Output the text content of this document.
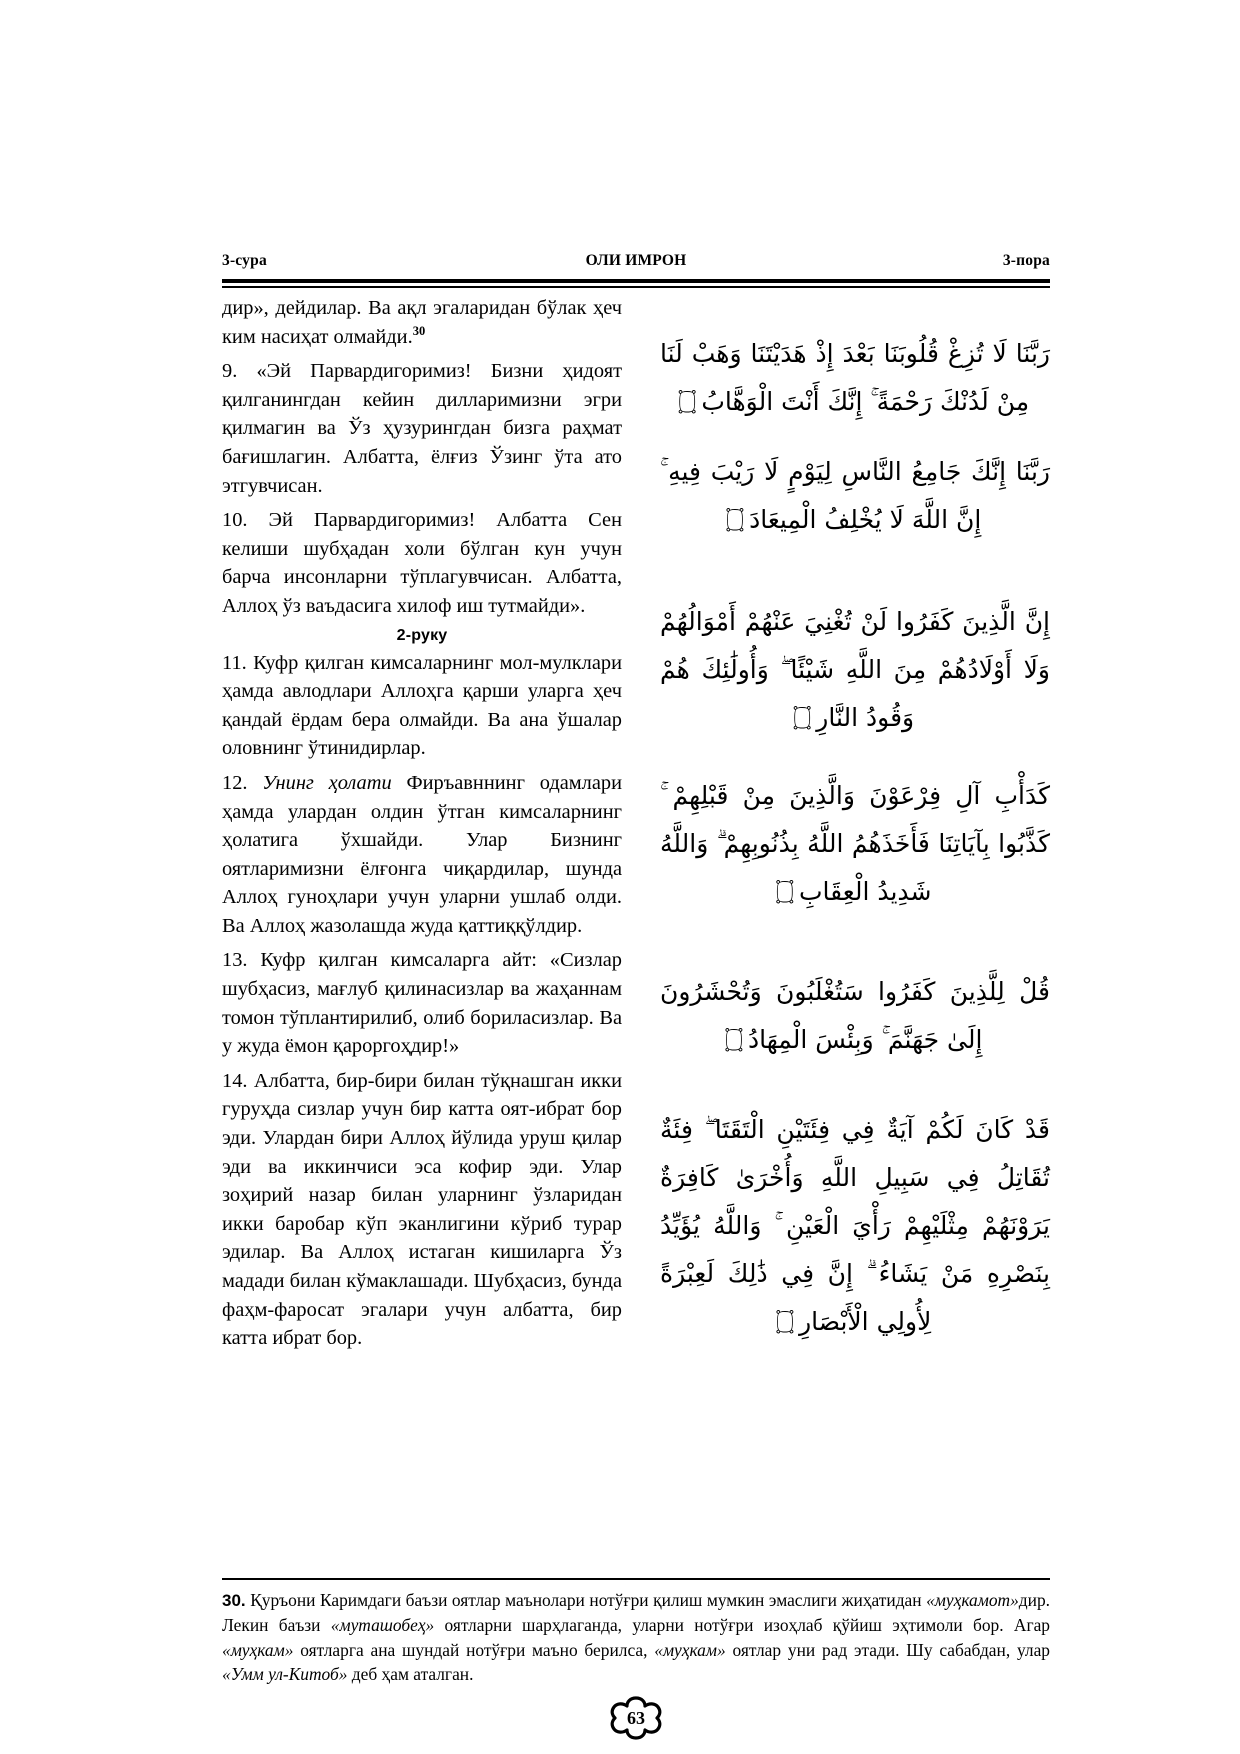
3-сура	ОЛИ ИМРОН	3-пора

дир», дейдилар. Ва ақл эгаларидан бўлак ҳеч ким насиҳат олмайди.$^{30}$

9. «Эй Парвардигоримиз! Бизни ҳидоят қилганингдан кейин дилларимизни эгри қилмагин ва Ўз ҳузурингдан бизга раҳмат бағишлагин. Албатта, ёлғиз Ўзинг ўта ато этгувчисан.

10. Эй Парвардигоримиз! Албатта Сен келиши шубҳадан холи бўлган кун учун барча инсонларни тўплагувчисан. Албатта, Аллоҳ ўз ваъдасига хилоф иш тутмайди».

2-руку

11. Куфр қилган кимсаларнинг мол-мулклари ҳамда авлодлари Аллоҳга қарши уларга ҳеч қандай ёрдам бера олмайди. Ва ана ўшалар оловнинг ўтинидирлар.

12. Унинг ҳолати Фиръавннинг одамлари ҳамда улардан олдин ўтган кимсаларнинг ҳолатига ўхшайди. Улар Бизнинг оятларимизни ёлғонга чиқардилар, шунда Аллоҳ гуноҳлари учун уларни ушлаб олди. Ва Аллоҳ жазолашда жуда қаттиққўлдир.

13. Куфр қилган кимсаларга айт: «Сизлар шубҳасиз, мағлуб қилинасизлар ва жаҳаннам томон тўплантирилиб, олиб бориласизлар. Ва у жуда ёмон қароргоҳдир!»

14. Албатта, бир-бири билан тўқнашган икки гуруҳда сизлар учун бир катта оят-ибрат бор эди. Улардан бири Аллоҳ йўлида уруш қилар эди ва иккинчиси эса кофир эди. Улар зоҳирий назар билан уларнинг ўзларидан икки баробар кўп эканлигини кўриб турар эдилар. Ва Аллоҳ истаган кишиларга Ўз мадади билан кўмаклашади. Шубҳасиз, бунда фаҳм-фаросат эгалари учун албатта, бир катта ибрат бор.

رَبَّنَا لَا تُزِغْ قُلُوبَنَا بَعْدَ إِذْ هَدَيْتَنَا وَهَبْ لَنَا مِنْ لَدُنْكَ رَحْمَةً ۚ إِنَّكَ أَنْتَ الْوَهَّابُ ۝
رَبَّنَا إِنَّكَ جَامِعُ النَّاسِ لِيَوْمٍ لَا رَيْبَ فِيهِ ۚ إِنَّ اللَّهَ لَا يُخْلِفُ الْمِيعَادَ ۝
إِنَّ الَّذِينَ كَفَرُوا لَنْ تُغْنِيَ عَنْهُمْ أَمْوَالُهُمْ وَلَا أَوْلَادُهُمْ مِنَ اللَّهِ شَيْئًا ۖ وَأُولَٰئِكَ هُمْ وَقُودُ النَّارِ ۝
كَدَأْبِ آلِ فِرْعَوْنَ وَالَّذِينَ مِنْ قَبْلِهِمْ ۚ كَذَّبُوا بِآيَاتِنَا فَأَخَذَهُمُ اللَّهُ بِذُنُوبِهِمْ ۗ وَاللَّهُ شَدِيدُ الْعِقَابِ ۝
قُلْ لِلَّذِينَ كَفَرُوا سَتُغْلَبُونَ وَتُحْشَرُونَ إِلَىٰ جَهَنَّمَ ۚ وَبِئْسَ الْمِهَادُ ۝
قَدْ كَانَ لَكُمْ آيَةٌ فِي فِئَتَيْنِ الْتَقَتَا ۖ فِئَةٌ تُقَاتِلُ فِي سَبِيلِ اللَّهِ وَأُخْرَىٰ كَافِرَةٌ يَرَوْنَهُمْ مِثْلَيْهِمْ رَأْيَ الْعَيْنِ ۚ وَاللَّهُ يُؤَيِّدُ بِنَصْرِهِ مَنْ يَشَاءُ ۗ إِنَّ فِي ذَٰلِكَ لَعِبْرَةً لِأُولِي الْأَبْصَارِ ۝
30. Қуръони Каримдаги баъзи оятлар маънолари нотўғри қилиш мумкин эмаслиги жиҳатидан «муҳкамот»дир. Лекин баъзи «муташобеҳ» оятларни шарҳлаганда, уларни нотўғри изоҳлаб қўйиш эҳтимоли бор. Агар «муҳкам» оятларга ана шундай нотўғри маъно берилса, «муҳкам» оятлар уни рад этади. Шу сабабдан, улар «Умм ул-Китоб» деб ҳам аталган.
63
